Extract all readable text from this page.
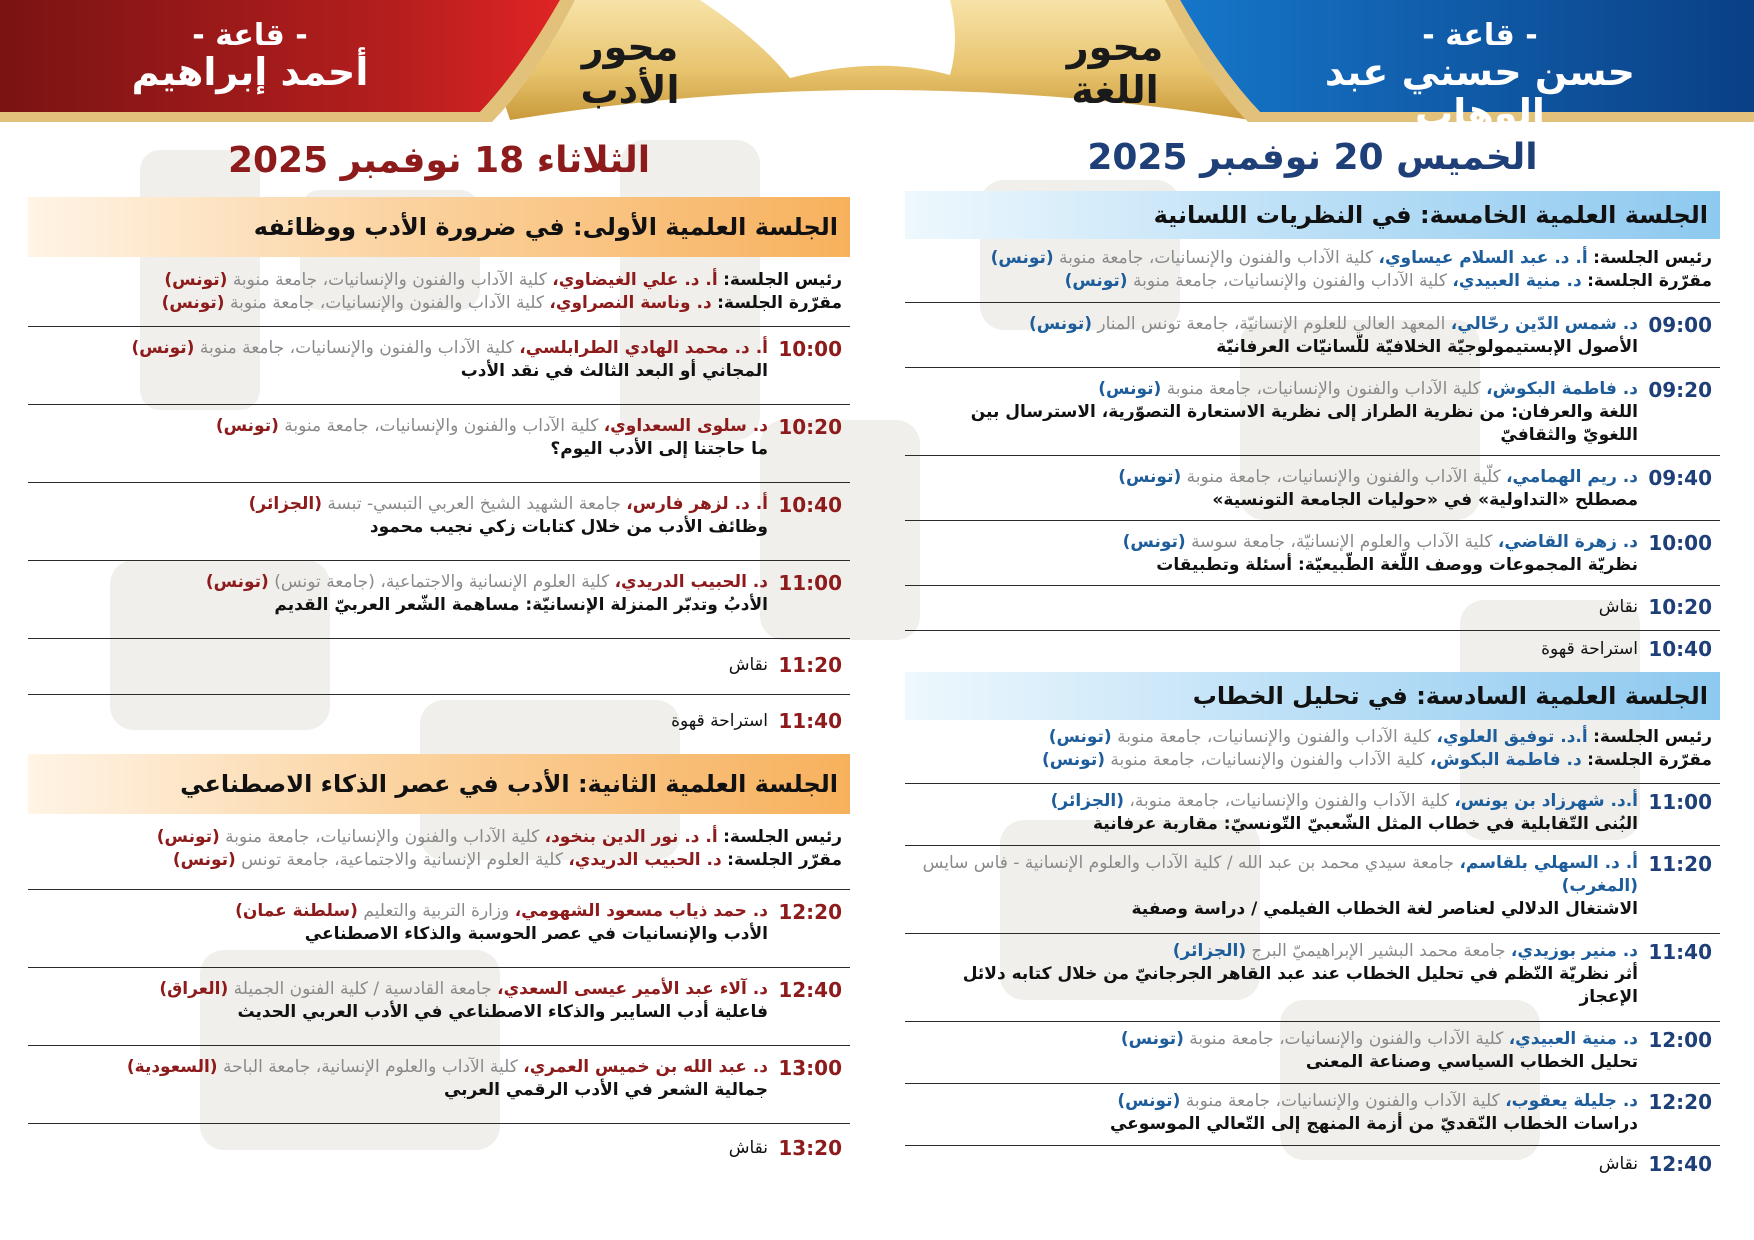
- قاعة -
أحمد إبراهيم
محور
الأدب
محور
اللغة
- قاعة -
حسن حسني عبد الوهاب
الثلاثاء 18 نوفمبر 2025
الجلسة العلمية الأولى: في ضرورة الأدب ووظائفه
رئيس الجلسة: أ. د. علي الغيضاوي، كلية الآداب والفنون والإنسانيات، جامعة منوبة (تونس)
مقرّرة الجلسة: د. وناسة النصراوي، كلية الآداب والفنون والإنسانيات، جامعة منوبة (تونس)
10:00
أ. د. محمد الهادي الطرابلسي، كلية الآداب والفنون والإنسانيات، جامعة منوبة (تونس)
المجاني أو البعد الثالث في نقد الأدب
10:20
د. سلوى السعداوي، كلية الآداب والفنون والإنسانيات، جامعة منوبة (تونس)
ما حاجتنا إلى الأدب اليوم؟
10:40
أ. د. لزهر فارس، جامعة الشهيد الشيخ العربي التبسي- تبسة (الجزائر)
وظائف الأدب من خلال كتابات زكي نجيب محمود
11:00
د. الحبيب الدريدي، كلية العلوم الإنسانية والاجتماعية، (جامعة تونس) (تونس)
الأدبُ وتدبّر المنزلة الإنسانيّة: مساهمة الشّعر العربيّ القديم
11:20
نقاش
11:40
استراحة قهوة
الجلسة العلمية الثانية: الأدب في عصر الذكاء الاصطناعي
رئيس الجلسة: أ. د. نور الدين بنخود، كلية الآداب والفنون والإنسانيات، جامعة منوبة (تونس)
مقرّر الجلسة: د. الحبيب الدريدي، كلية العلوم الإنسانية والاجتماعية، جامعة تونس (تونس)
12:20
د. حمد ذياب مسعود الشهومي، وزارة التربية والتعليم (سلطنة عمان)
الأدب والإنسانيات في عصر الحوسبة والذكاء الاصطناعي
12:40
د. آلاء عبد الأمير عيسى السعدي، جامعة القادسية / كلية الفنون الجميلة (العراق)
فاعلية أدب السايبر والذكاء الاصطناعي في الأدب العربي الحديث
13:00
د. عبد الله بن خميس العمري، كلية الآداب والعلوم الإنسانية، جامعة الباحة (السعودية)
جمالية الشعر في الأدب الرقمي العربي
13:20
نقاش
الخميس 20 نوفمبر 2025
الجلسة العلمية الخامسة: في النظريات اللسانية
رئيس الجلسة: أ. د. عبد السلام عيساوي، كلية الآداب والفنون والإنسانيات، جامعة منوبة (تونس)
مقرّرة الجلسة: د. منية العبيدي، كلية الآداب والفنون والإنسانيات، جامعة منوبة (تونس)
09:00
د. شمس الدّين رحّالي، المعهد العالي للعلوم الإنسانيّة، جامعة تونس المنار (تونس)
الأصول الإبستيمولوجيّة الخلافيّة للّسانيّات العرفانيّة
09:20
د. فاطمة البكوش، كلية الآداب والفنون والإنسانيات، جامعة منوبة (تونس)
اللغة والعرفان: من نظرية الطراز إلى نظرية الاستعارة التصوّرية، الاسترسال بين اللغويّ والثقافيّ
09:40
د. ريم الهمامي، كلّية الآداب والفنون والإنسانيات، جامعة منوبة (تونس)
مصطلح «التداولية» في «حوليات الجامعة التونسية»
10:00
د. زهرة القاضي، كلية الآداب والعلوم الإنسانيّة، جامعة سوسة (تونس)
نظريّة المجموعات ووصف اللّغة الطّبيعيّة: أسئلة وتطبيقات
10:20
نقاش
10:40
استراحة قهوة
الجلسة العلمية السادسة: في تحليل الخطاب
رئيس الجلسة: أ.د. توفيق العلوي، كلية الآداب والفنون والإنسانيات، جامعة منوبة (تونس)
مقرّرة الجلسة: د. فاطمة البكوش، كلية الآداب والفنون والإنسانيات، جامعة منوبة (تونس)
11:00
أ.د. شهرزاد بن يونس، كلية الآداب والفنون والإنسانيات، جامعة منوبة، (الجزائر)
البُنى التّقابلية في خطاب المثل الشّعبيّ التّونسيّ: مقاربة عرفانية
11:20
أ. د. السهلي بلقاسم، جامعة سيدي محمد بن عبد الله / كلية الآداب والعلوم الإنسانية - فاس سايس (المغرب)
الاشتغال الدلالي لعناصر لغة الخطاب الفيلمي / دراسة وصفية
11:40
د. منير بوزيدي، جامعة محمد البشير الإبراهيميّ البرج (الجزائر)
أثر نظريّة النّظم في تحليل الخطاب عند عبد القاهر الجرجانيّ من خلال كتابه دلائل الإعجاز
12:00
د. منية العبيدي، كلية الآداب والفنون والإنسانيات، جامعة منوبة (تونس)
تحليل الخطاب السياسي وصناعة المعنى
12:20
د. جليلة يعقوب، كلية الآداب والفنون والإنسانيات، جامعة منوبة (تونس)
دراسات الخطاب النّقديّ من أزمة المنهج إلى التّعالي الموسوعي
12:40
نقاش
